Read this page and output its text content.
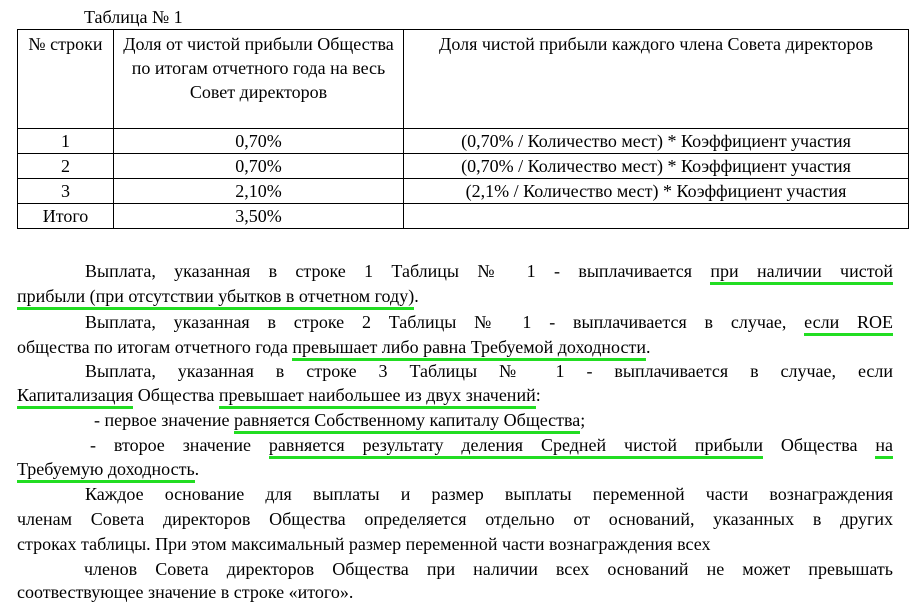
Таблица № 1
№ строки	Доля от чистой прибыли Общества по итогам отчетного года на весь Совет директоров	Доля чистой прибыли каждого члена Совета директоров
1	0,70%	(0,70% / Количество мест) * Коэффициент участия
2	0,70%	(0,70% / Количество мест) * Коэффициент участия
3	2,10%	(2,1% / Количество мест) * Коэффициент участия
Итого	3,50%	
Выплата, указанная в строке 1 Таблицы № 1 - выплачивается при наличии чистой
прибыли (при отсутствии убытков в отчетном году).
Выплата, указанная в строке 2 Таблицы № 1 - выплачивается в случае, если ROE
общества по итогам отчетного года превышает либо равна Требуемой доходности.
Выплата, указанная в строке 3 Таблицы № 1 - выплачивается в случае, если
Капитализация Общества превышает наибольшее из двух значений:
- первое значение равняется Собственному капиталу Общества;
- второе значение равняется результату деления Средней чистой прибыли Общества на
Требуемую доходность.
Каждое основание для выплаты и размер выплаты переменной части вознаграждения
членам Совета директоров Общества определяется отдельно от оснований, указанных в других
строках таблицы. При этом максимальный размер переменной части вознаграждения всех
членов Совета директоров Общества при наличии всех оснований не может превышать
соотвествующее значение в строке «итого».
